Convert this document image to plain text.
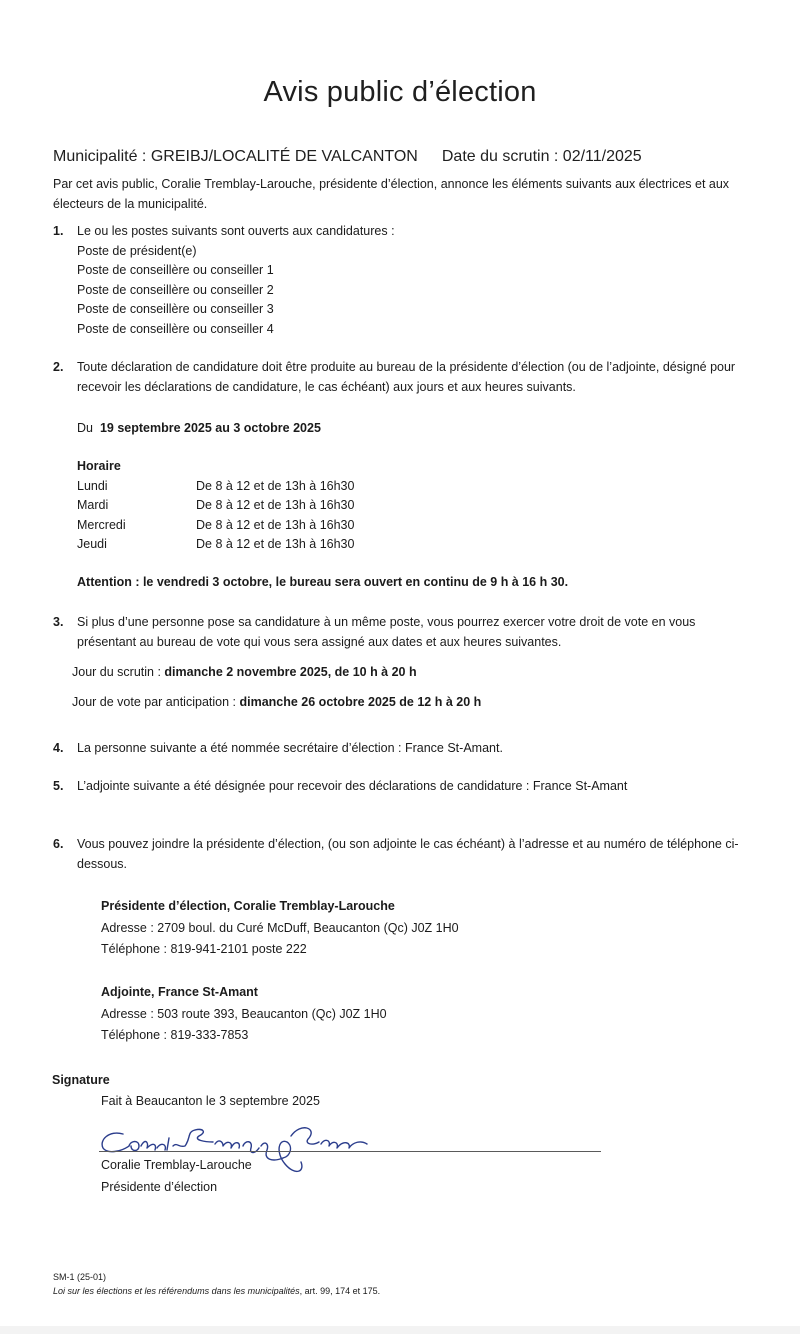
Avis public d’élection
Municipalité : GREIBJ/LOCALITÉ DE VALCANTON Date du scrutin : 02/11/2025
Par cet avis public, Coralie Tremblay-Larouche, présidente d’élection, annonce les éléments suivants aux électrices et aux électeurs de la municipalité.
1. Le ou les postes suivants sont ouverts aux candidatures :
Poste de président(e)
Poste de conseillère ou conseiller 1
Poste de conseillère ou conseiller 2
Poste de conseillère ou conseiller 3
Poste de conseillère ou conseiller 4
2. Toute déclaration de candidature doit être produite au bureau de la présidente d’élection (ou de l’adjointe, désigné pour recevoir les déclarations de candidature, le cas échéant) aux jours et aux heures suivants.
Du 19 septembre 2025 au 3 octobre 2025
Horaire
Lundi	De 8 à 12 et de 13h à 16h30
Mardi	De 8 à 12 et de 13h à 16h30
Mercredi	De 8 à 12 et de 13h à 16h30
Jeudi	De 8 à 12 et de 13h à 16h30
Attention : le vendredi 3 octobre, le bureau sera ouvert en continu de 9 h à 16 h 30.
3. Si plus d’une personne pose sa candidature à un même poste, vous pourrez exercer votre droit de vote en vous présentant au bureau de vote qui vous sera assigné aux dates et aux heures suivantes.
Jour du scrutin : dimanche 2 novembre 2025, de 10 h à 20 h
Jour de vote par anticipation : dimanche 26 octobre 2025 de 12 h à 20 h
4. La personne suivante a été nommée secrétaire d’élection : France St-Amant.
5. L’adjointe suivante a été désignée pour recevoir des déclarations de candidature : France St-Amant
6. Vous pouvez joindre la présidente d’élection, (ou son adjointe le cas échéant) à l’adresse et au numéro de téléphone ci-dessous.
Présidente d’élection, Coralie Tremblay-Larouche
Adresse : 2709 boul. du Curé McDuff, Beaucanton (Qc) J0Z 1H0
Téléphone : 819-941-2101 poste 222
Adjointe, France St-Amant
Adresse : 503 route 393, Beaucanton (Qc) J0Z 1H0
Téléphone : 819-333-7853
Signature
Fait à Beaucanton le 3 septembre 2025
Coralie Tremblay-Larouche
Présidente d’élection
SM-1 (25-01)
Loi sur les élections et les référendums dans les municipalités, art. 99, 174 et 175.
